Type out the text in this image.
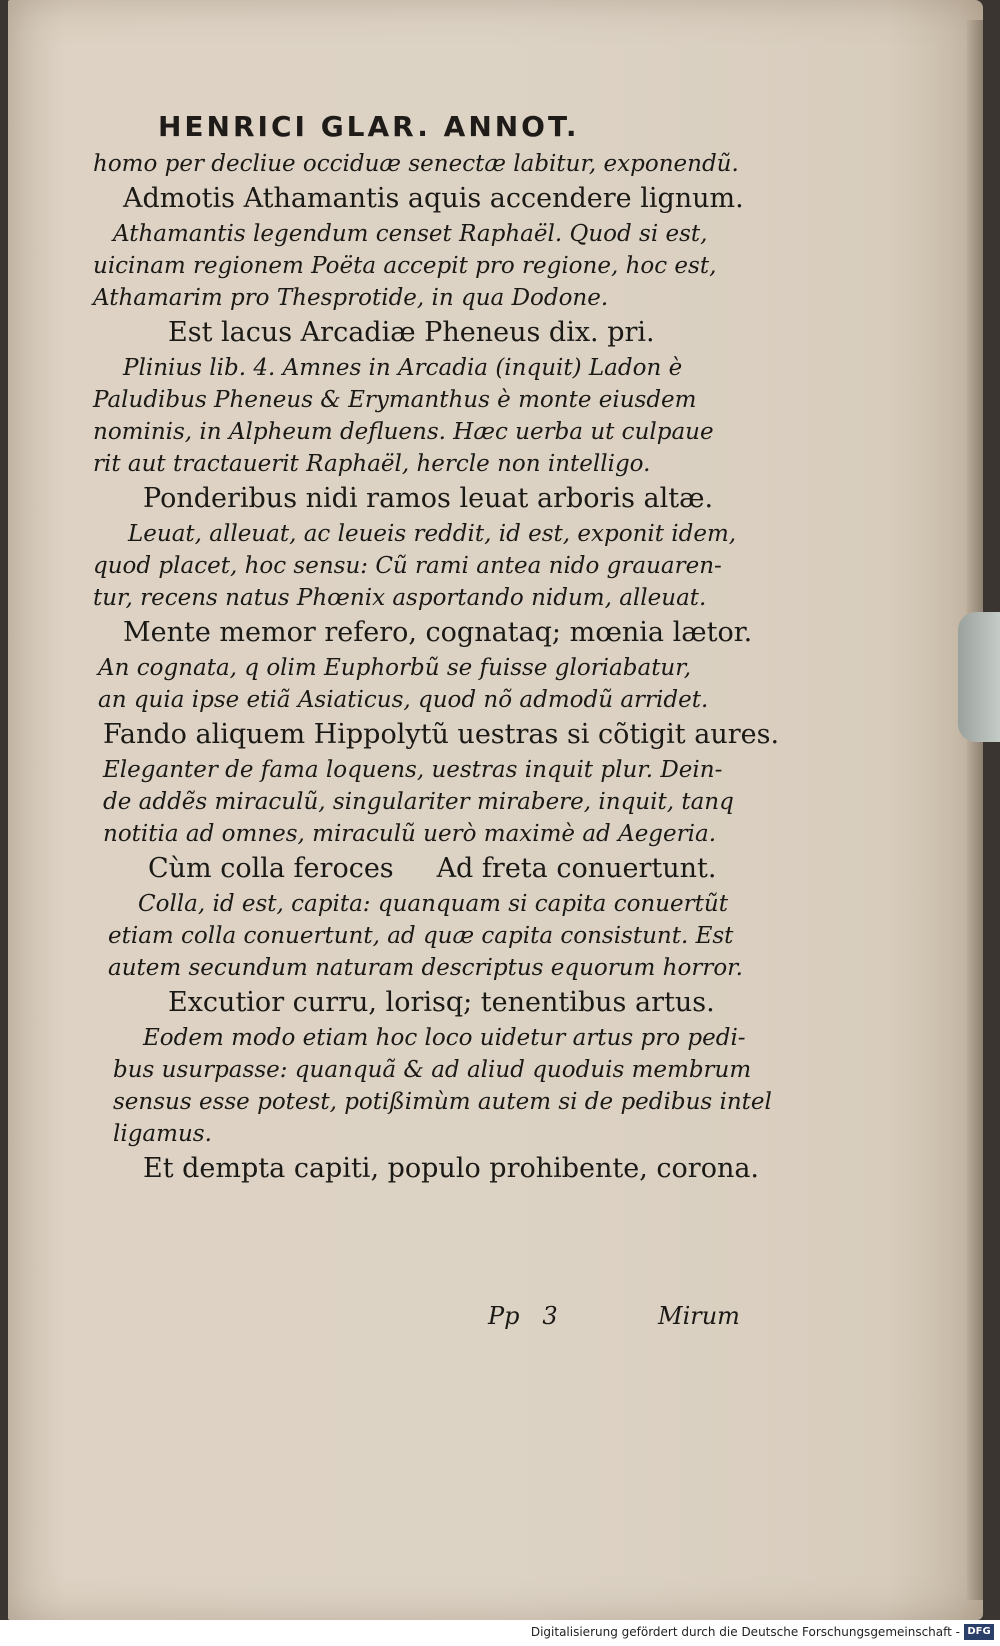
HENRICI GLAR. ANNOT.
homo per decliue occiduæ senectæ labitur, exponendũ.
Admotis Athamantis aquis accendere lignum.
Athamantis legendum censet Raphaël. Quod si est,
uicinam regionem Poëta accepit pro regione, hoc est,
Athamarim pro Thesprotide, in qua Dodone.
Est lacus Arcadiæ Pheneus dix. pri.
Plinius lib. 4. Amnes in Arcadia (inquit) Ladon è
Paludibus Pheneus & Erymanthus è monte eiusdem
nominis, in Alpheum defluens. Hæc uerba ut culpaue
rit aut tractauerit Raphaël, hercle non intelligo.
Ponderibus nidi ramos leuat arboris altæ.
Leuat, alleuat, ac leueis reddit, id est, exponit idem,
quod placet, hoc sensu: Cũ rami antea nido grauaren-
tur, recens natus Phœnix asportando nidum, alleuat.
Mente memor refero, cognataq; mœnia lætor.
An cognata, q olim Euphorbũ se fuisse gloriabatur,
an quia ipse etiã Asiaticus, quod nõ admodũ arridet.
Fando aliquem Hippolytũ uestras si cõtigit aures.
Eleganter de fama loquens, uestras inquit plur. Dein-
de addẽs miraculũ, singulariter mirabere, inquit, tanq
notitia ad omnes, miraculũ uerò maximè ad Aegeria.
Cùm colla feroces     Ad freta conuertunt.
Colla, id est, capita: quanquam si capita conuertũt
etiam colla conuertunt, ad quæ capita consistunt. Est
autem secundum naturam descriptus equorum horror.
Excutior curru, lorisq; tenentibus artus.
Eodem modo etiam hoc loco uidetur artus pro pedi-
bus usurpasse: quanquã & ad aliud quoduis membrum
sensus esse potest, potißimùm autem si de pedibus intel
ligamus.
Et dempta capiti, populo prohibente, corona.
Pp   3	Mirum
Digitalisierung gefördert durch die Deutsche Forschungsgemeinschaft - DFG
